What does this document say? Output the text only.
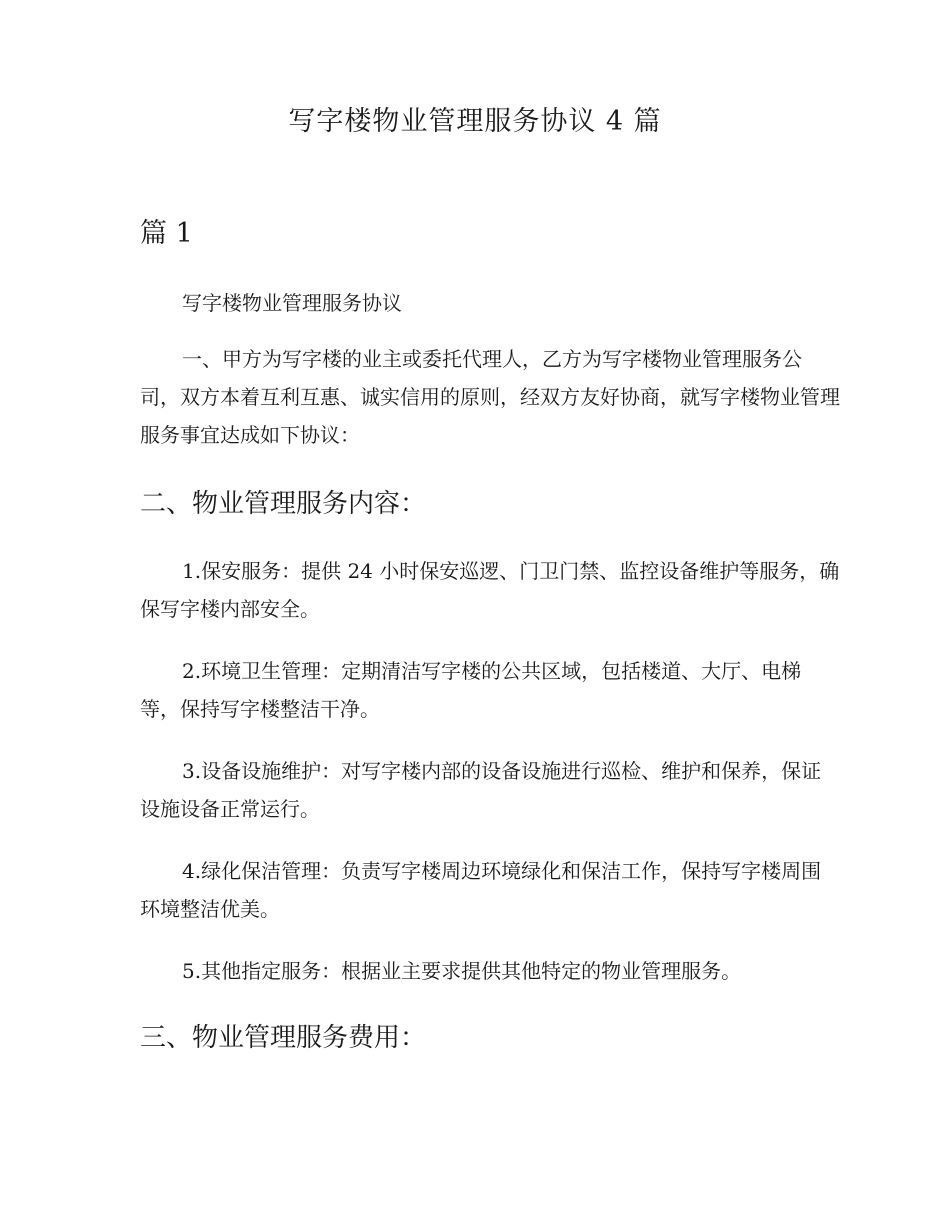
写字楼物业管理服务协议 4 篇
篇 1

写字楼物业管理服务协议

一、甲方为写字楼的业主或委托代理人，乙方为写字楼物业管理服务公司，双方本着互利互惠、诚实信用的原则，经双方友好协商，就写字楼物业管理服务事宜达成如下协议：

二、物业管理服务内容：

1.保安服务：提供 24 小时保安巡逻、门卫门禁、监控设备维护等服务，确保写字楼内部安全。

2.环境卫生管理：定期清洁写字楼的公共区域，包括楼道、大厅、电梯等，保持写字楼整洁干净。

3.设备设施维护：对写字楼内部的设备设施进行巡检、维护和保养，保证设施设备正常运行。

4.绿化保洁管理：负责写字楼周边环境绿化和保洁工作，保持写字楼周围环境整洁优美。

5.其他指定服务：根据业主要求提供其他特定的物业管理服务。

三、物业管理服务费用：
